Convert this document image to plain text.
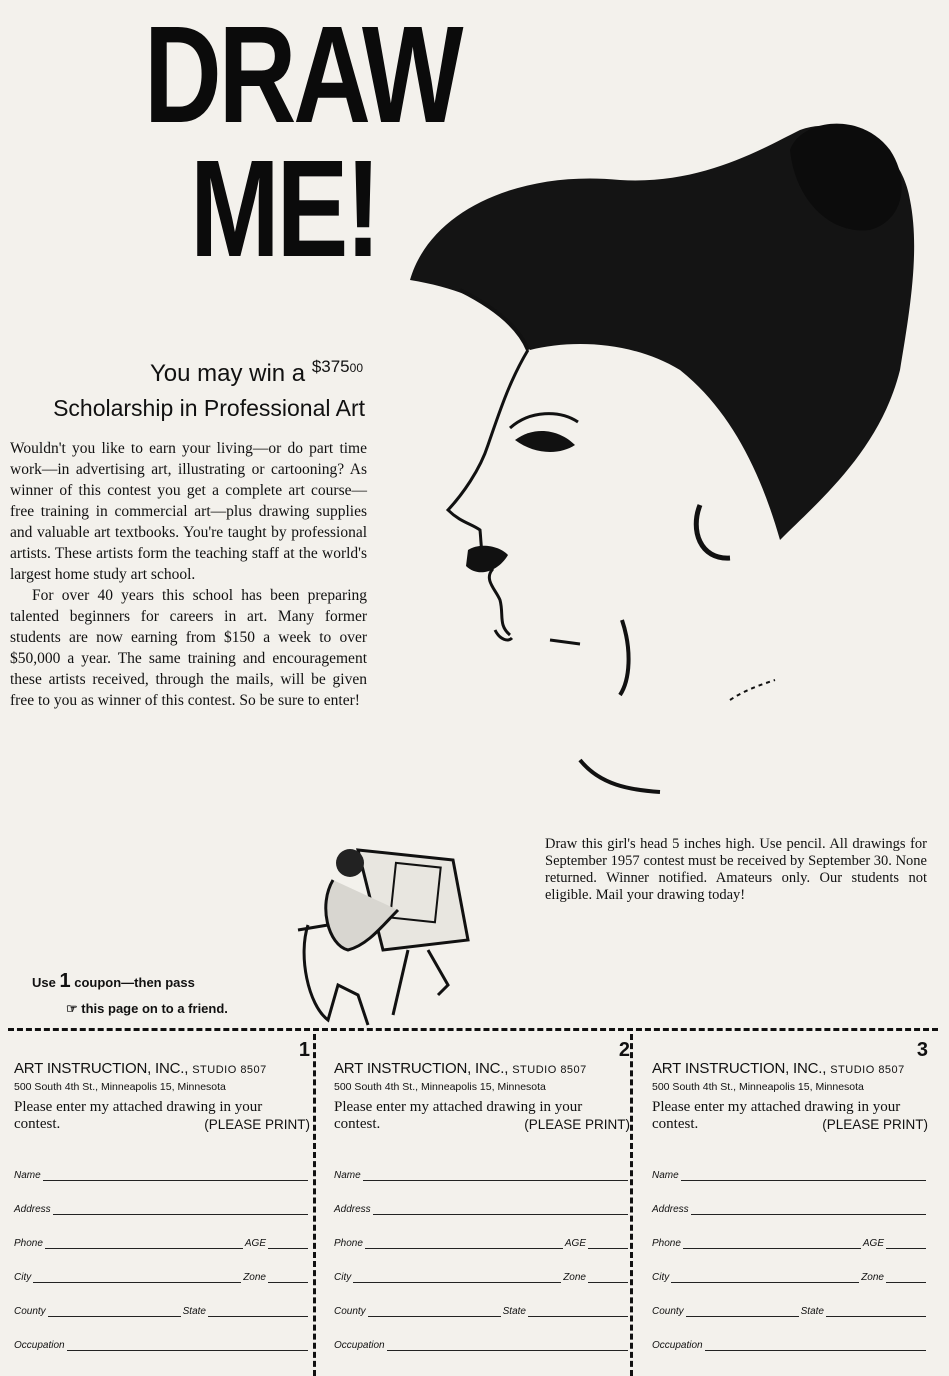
DRAW
ME!
You may win a $^{\$37500}$
Scholarship in Professional Art

Wouldn't you like to earn your living—or do part time work—in advertising art, illustrating or cartooning? As winner of this contest you get a complete art course—free training in commercial art—plus drawing supplies and valuable art textbooks. You're taught by professional artists. These artists form the teaching staff at the world's largest home study art school.

For over 40 years this school has been preparing talented beginners for careers in art. Many former students are now earning from $150 a week to over $50,000 a year. The same training and encouragement these artists received, through the mails, will be given free to you as winner of this contest. So be sure to enter!

Draw this girl's head 5 inches high. Use pencil. All drawings for September 1957 contest must be received by September 30. None returned. Winner notified. Amateurs only. Our students not eligible. Mail your drawing today!
Use 1 coupon—then pass
☞ this page on to a friend.
1
ART INSTRUCTION, INC., STUDIO 8507
500 South 4th St., Minneapolis 15, Minnesota
Please enter my attached drawing in your contest.	(PLEASE PRINT)
Name
Address
Phone	AGE
City	Zone
County	State
Occupation
2
ART INSTRUCTION, INC., STUDIO 8507
500 South 4th St., Minneapolis 15, Minnesota
Please enter my attached drawing in your contest.	(PLEASE PRINT)
Name
Address
Phone	AGE
City	Zone
County	State
Occupation
3
ART INSTRUCTION, INC., STUDIO 8507
500 South 4th St., Minneapolis 15, Minnesota
Please enter my attached drawing in your contest.	(PLEASE PRINT)
Name
Address
Phone	AGE
City	Zone
County	State
Occupation
